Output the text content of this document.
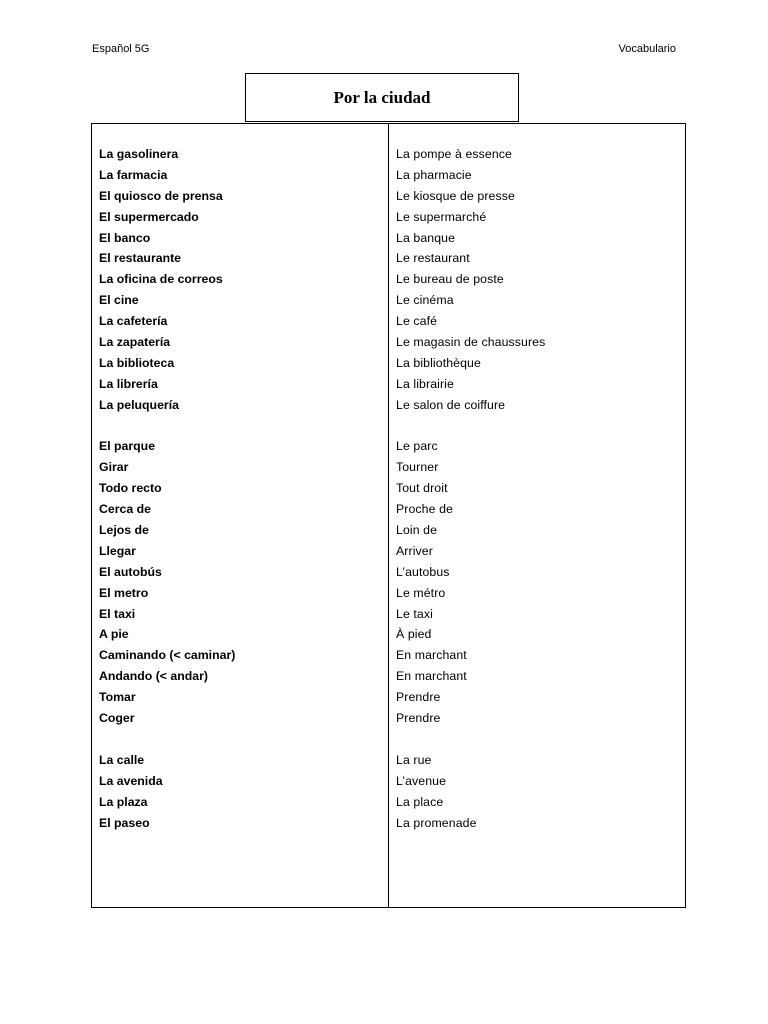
Español 5G	Vocabulario
Por la ciudad
La gasolinera
La farmacia
El quiosco de prensa
El supermercado
El banco
El restaurante
La oficina de correos
El cine
La cafetería
La zapatería
La biblioteca
La librería
La peluquería
El parque
Girar
Todo recto
Cerca de
Lejos de
Llegar
El autobús
El metro
El taxi
A pie
Caminando (< caminar)
Andando (< andar)
Tomar
Coger
La calle
La avenida
La plaza
El paseo
La pompe à essence
La pharmacie
Le kiosque de presse
Le supermarché
La banque
Le restaurant
Le bureau de poste
Le cinéma
Le café
Le magasin de chaussures
La bibliothèque
La librairie
Le salon de coiffure
Le parc
Tourner
Tout droit
Proche de
Loin de
Arriver
L’autobus
Le métro
Le taxi
À pied
En marchant
En marchant
Prendre
Prendre
La rue
L’avenue
La place
La promenade
